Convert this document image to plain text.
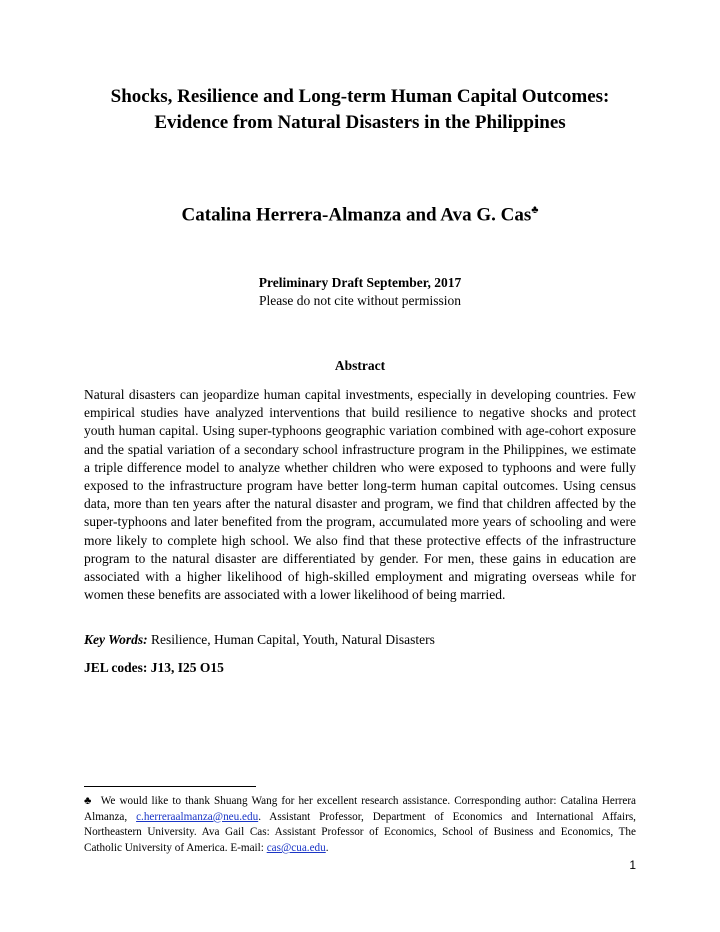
Shocks, Resilience and Long-term Human Capital Outcomes:
Evidence from Natural Disasters in the Philippines
Catalina Herrera-Almanza and Ava G. Cas♣
Preliminary Draft September, 2017
Please do not cite without permission
Abstract

Natural disasters can jeopardize human capital investments, especially in developing countries. Few empirical studies have analyzed interventions that build resilience to negative shocks and protect youth human capital. Using super-typhoons geographic variation combined with age-cohort exposure and the spatial variation of a secondary school infrastructure program in the Philippines, we estimate a triple difference model to analyze whether children who were exposed to typhoons and were fully exposed to the infrastructure program have better long-term human capital outcomes. Using census data, more than ten years after the natural disaster and program, we find that children affected by the super-typhoons and later benefited from the program, accumulated more years of schooling and were more likely to complete high school. We also find that these protective effects of the infrastructure program to the natural disaster are differentiated by gender. For men, these gains in education are associated with a higher likelihood of high-skilled employment and migrating overseas while for women these benefits are associated with a lower likelihood of being married.

Key Words: Resilience, Human Capital, Youth, Natural Disasters
JEL codes: J13, I25 O15

♣ We would like to thank Shuang Wang for her excellent research assistance. Corresponding author: Catalina Herrera Almanza, c.herreraalmanza@neu.edu. Assistant Professor, Department of Economics and International Affairs, Northeastern University. Ava Gail Cas: Assistant Professor of Economics, School of Business and Economics, The Catholic University of America. E-mail: cas@cua.edu.

1
